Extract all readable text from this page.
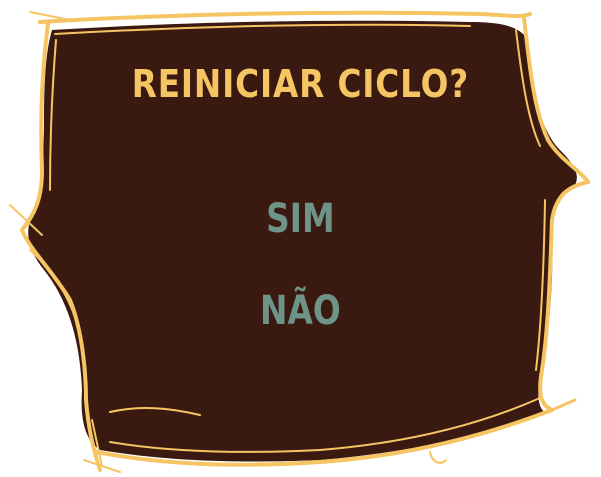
REINICIAR CICLO?
SIM
NÃO
